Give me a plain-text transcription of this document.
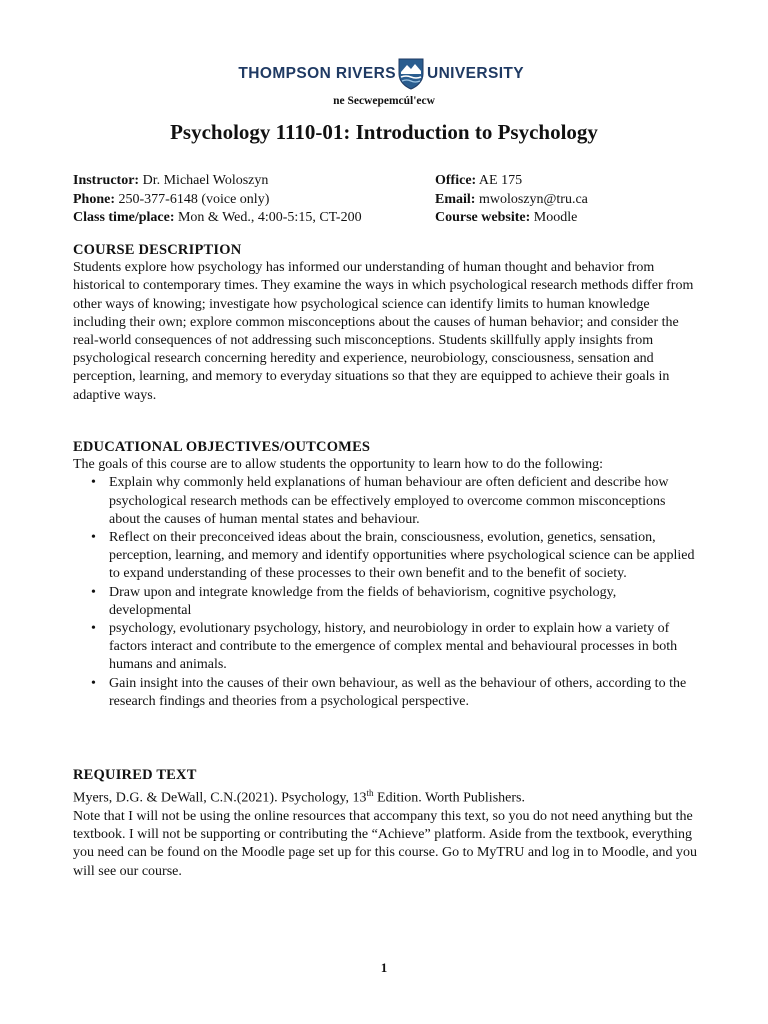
THOMPSON RIVERS UNIVERSITY
ne Secwepemcúl'ecw
Psychology 1110-01: Introduction to Psychology
Instructor: Dr. Michael Woloszyn
Phone: 250-377-6148 (voice only)
Class time/place: Mon & Wed., 4:00-5:15, CT-200
Office: AE 175
Email: mwoloszyn@tru.ca
Course website: Moodle

COURSE DESCRIPTION

Students explore how psychology has informed our understanding of human thought and behavior from historical to contemporary times. They examine the ways in which psychological research methods differ from other ways of knowing; investigate how psychological science can identify limits to human knowledge including their own; explore common misconceptions about the causes of human behavior; and consider the real-world consequences of not addressing such misconceptions. Students skillfully apply insights from psychological research concerning heredity and experience, neurobiology, consciousness, sensation and perception, learning, and memory to everyday situations so that they are equipped to achieve their goals in adaptive ways.

EDUCATIONAL OBJECTIVES/OUTCOMES

The goals of this course are to allow students the opportunity to learn how to do the following:

• Explain why commonly held explanations of human behaviour are often deficient and describe how psychological research methods can be effectively employed to overcome common misconceptions about the causes of human mental states and behaviour.
• Reflect on their preconceived ideas about the brain, consciousness, evolution, genetics, sensation, perception, learning, and memory and identify opportunities where psychological science can be applied to expand understanding of these processes to their own benefit and to the benefit of society.
• Draw upon and integrate knowledge from the fields of behaviorism, cognitive psychology, developmental
• psychology, evolutionary psychology, history, and neurobiology in order to explain how a variety of factors interact and contribute to the emergence of complex mental and behavioural processes in both humans and animals.
• Gain insight into the causes of their own behaviour, as well as the behaviour of others, according to the research findings and theories from a psychological perspective.

REQUIRED TEXT

Myers, D.G. & DeWall, C.N.(2021). Psychology, 13th Edition. Worth Publishers.

Note that I will not be using the online resources that accompany this text, so you do not need anything but the textbook. I will not be supporting or contributing the “Achieve” platform. Aside from the textbook, everything you need can be found on the Moodle page set up for this course. Go to MyTRU and log in to Moodle, and you will see our course.

1
